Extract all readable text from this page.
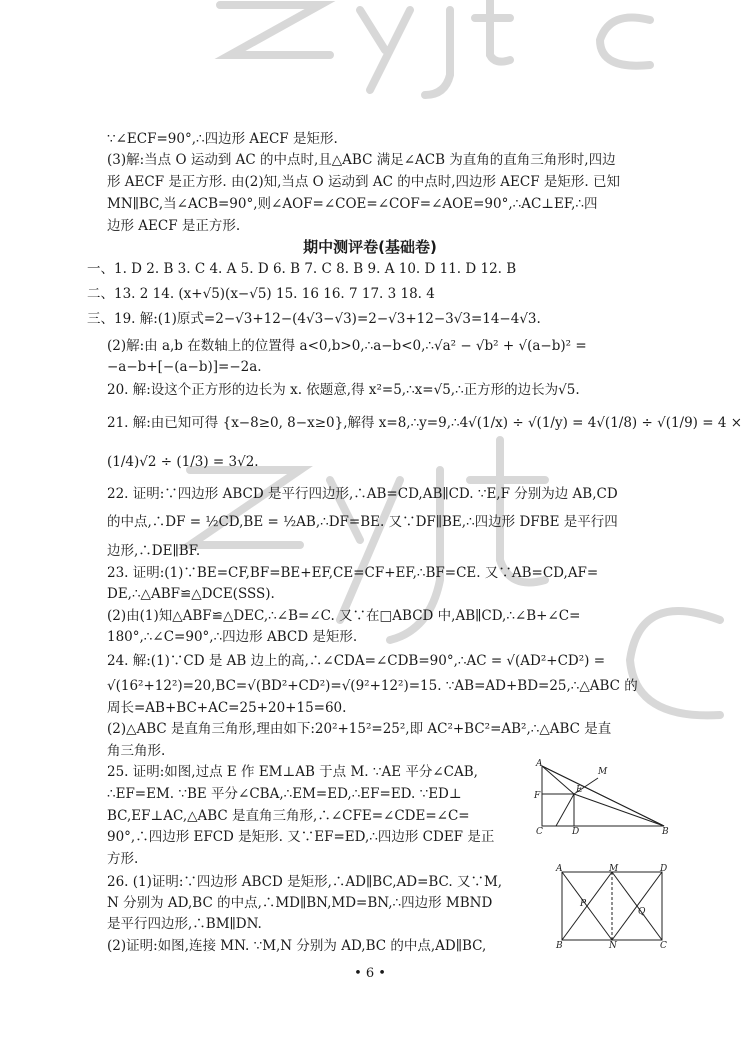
∵∠ECF=90°,∴四边形 AECF 是矩形.
(3)解:当点 O 运动到 AC 的中点时,且△ABC 满足∠ACB 为直角的直角三角形时,四边
形 AECF 是正方形. 由(2)知,当点 O 运动到 AC 的中点时,四边形 AECF 是矩形. 已知
MN∥BC,当∠ACB=90°,则∠AOF=∠COE=∠COF=∠AOE=90°,∴AC⊥EF,∴四
边形 AECF 是正方形.
期中测评卷(基础卷)
一、1. D 2. B 3. C 4. A 5. D 6. B 7. C 8. B 9. A 10. D 11. D 12. B
二、13. 2 14. (x+√5)(x−√5) 15. 16 16. 7 17. 3 18. 4
三、19. 解:(1)原式=2−√3+12−(4√3−√3)=2−√3+12−3√3=14−4√3.
(2)解:由 a,b 在数轴上的位置得 a<0,b>0,∴a−b<0,∴√a² − √b² + √(a−b)² =
−a−b+[−(a−b)]=−2a.
20. 解:设这个正方形的边长为 x. 依题意,得 x²=5,∴x=√5,∴正方形的边长为√5.
21. 解:由已知可得 {x−8≥0, 8−x≥0},解得 x=8,∴y=9,∴4√(1/x) ÷ √(1/y) = 4√(1/8) ÷ √(1/9) = 4 ×
(1/4)√2 ÷ (1/3) = 3√2.
22. 证明:∵四边形 ABCD 是平行四边形,∴AB=CD,AB∥CD. ∵E,F 分别为边 AB,CD
的中点,∴DF = ½CD,BE = ½AB,∴DF=BE. 又∵DF∥BE,∴四边形 DFBE 是平行四
边形,∴DE∥BF.
23. 证明:(1)∵BE=CF,BF=BE+EF,CE=CF+EF,∴BF=CE. 又∵AB=CD,AF=
DE,∴△ABF≌△DCE(SSS).
(2)由(1)知△ABF≌△DEC,∴∠B=∠C. 又∵在□ABCD 中,AB∥CD,∴∠B+∠C=
180°,∴∠C=90°,∴四边形 ABCD 是矩形.
24. 解:(1)∵CD 是 AB 边上的高,∴∠CDA=∠CDB=90°,∴AC = √(AD²+CD²) =
√(16²+12²)=20,BC=√(BD²+CD²)=√(9²+12²)=15. ∵AB=AD+BD=25,∴△ABC 的
周长=AB+BC+AC=25+20+15=60.
(2)△ABC 是直角三角形,理由如下:20²+15²=25²,即 AC²+BC²=AB²,∴△ABC 是直
角三角形.
25. 证明:如图,过点 E 作 EM⊥AB 于点 M. ∵AE 平分∠CAB,
∴EF=EM. ∵BE 平分∠CBA,∴EM=ED,∴EF=ED. ∵ED⊥
BC,EF⊥AC,△ABC 是直角三角形,∴∠CFE=∠CDE=∠C=
90°,∴四边形 EFCD 是矩形. 又∵EF=ED,∴四边形 CDEF 是正
方形.
26. (1)证明:∵四边形 ABCD 是矩形,∴AD∥BC,AD=BC. 又∵M,
N 分别为 AD,BC 的中点,∴MD∥BN,MD=BN,∴四边形 MBND
是平行四边形,∴BM∥DN.
(2)证明:如图,连接 MN. ∵M,N 分别为 AD,BC 的中点,AD∥BC,
A
M
F
E
C	D	B
A	M	D
P
Q
B	N	C
• 6 •
